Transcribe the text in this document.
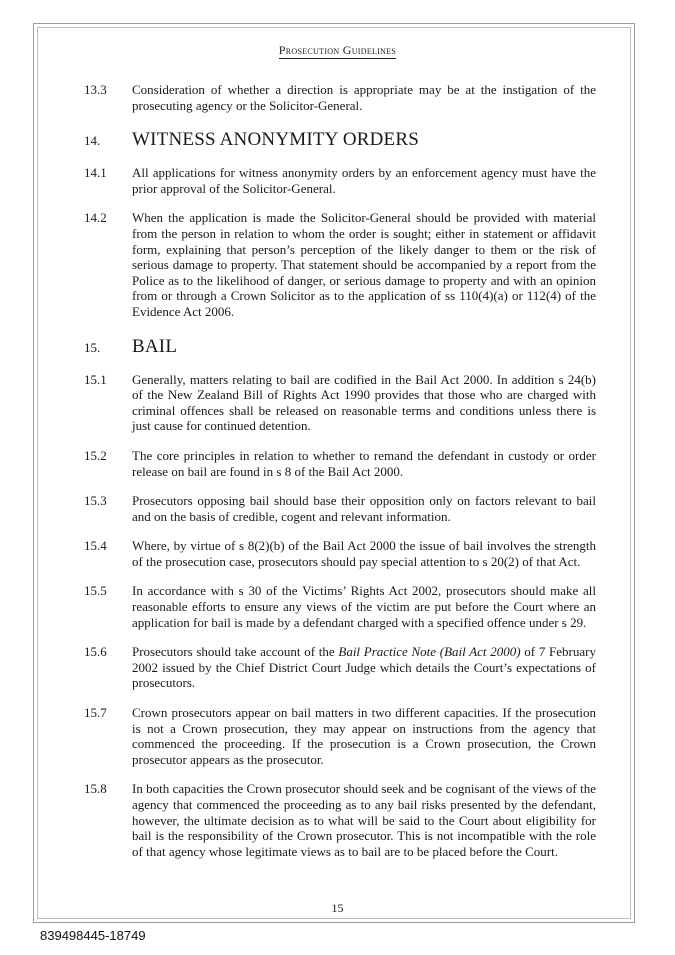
Prosecution Guidelines
13.3	Consideration of whether a direction is appropriate may be at the instigation of the prosecuting agency or the Solicitor-General.
14.	WITNESS ANONYMITY ORDERS
14.1	All applications for witness anonymity orders by an enforcement agency must have the prior approval of the Solicitor-General.
14.2	When the application is made the Solicitor-General should be provided with material from the person in relation to whom the order is sought; either in statement or affidavit form, explaining that person’s perception of the likely danger to them or the risk of serious damage to property. That statement should be accompanied by a report from the Police as to the likelihood of danger, or serious damage to property and with an opinion from or through a Crown Solicitor as to the application of ss 110(4)(a) or 112(4) of the Evidence Act 2006.
15.	BAIL
15.1	Generally, matters relating to bail are codified in the Bail Act 2000. In addition s 24(b) of the New Zealand Bill of Rights Act 1990 provides that those who are charged with criminal offences shall be released on reasonable terms and conditions unless there is just cause for continued detention.
15.2	The core principles in relation to whether to remand the defendant in custody or order release on bail are found in s 8 of the Bail Act 2000.
15.3	Prosecutors opposing bail should base their opposition only on factors relevant to bail and on the basis of credible, cogent and relevant information.
15.4	Where, by virtue of s 8(2)(b) of the Bail Act 2000 the issue of bail involves the strength of the prosecution case, prosecutors should pay special attention to s 20(2) of that Act.
15.5	In accordance with s 30 of the Victims’ Rights Act 2002, prosecutors should make all reasonable efforts to ensure any views of the victim are put before the Court where an application for bail is made by a defendant charged with a specified offence under s 29.
15.6	Prosecutors should take account of the Bail Practice Note (Bail Act 2000) of 7 February 2002 issued by the Chief District Court Judge which details the Court’s expectations of prosecutors.
15.7	Crown prosecutors appear on bail matters in two different capacities. If the prosecution is not a Crown prosecution, they may appear on instructions from the agency that commenced the proceeding. If the prosecution is a Crown prosecution, the Crown prosecutor appears as the prosecutor.
15.8	In both capacities the Crown prosecutor should seek and be cognisant of the views of the agency that commenced the proceeding as to any bail risks presented by the defendant, however, the ultimate decision as to what will be said to the Court about eligibility for bail is the responsibility of the Crown prosecutor. This is not incompatible with the role of that agency whose legitimate views as to bail are to be placed before the Court.
15
839498445-18749
